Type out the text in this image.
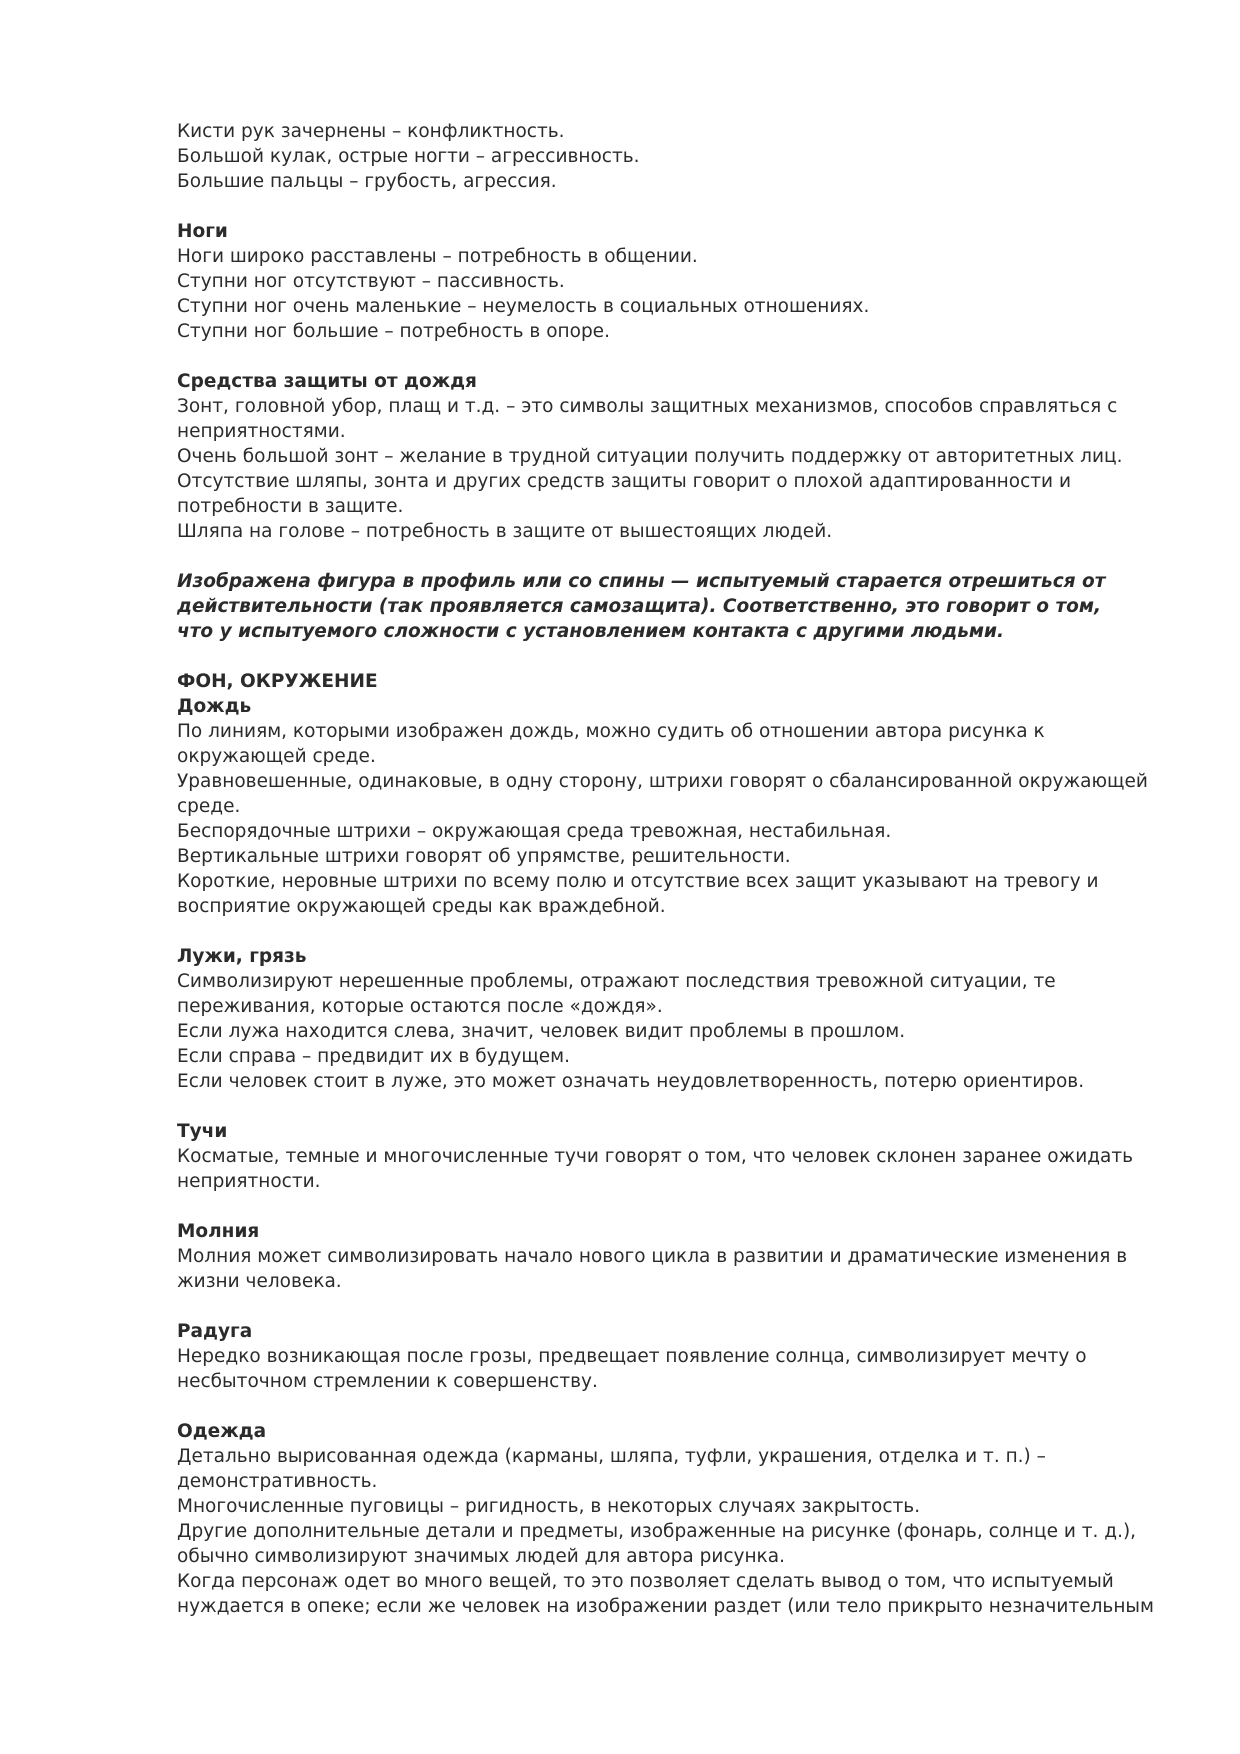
Кисти рук зачернены – конфликтность.
Большой кулак, острые ногти – агрессивность.
Большие пальцы – грубость, агрессия.
Ноги
Ноги широко расставлены – потребность в общении.
Ступни ног отсутствуют – пассивность.
Ступни ног очень маленькие – неумелость в социальных отношениях.
Ступни ног большие – потребность в опоре.
Средства защиты от дождя
Зонт, головной убор, плащ и т.д. – это символы защитных механизмов, способов справляться с
неприятностями.
Очень большой зонт – желание в трудной ситуации получить поддержку от авторитетных лиц.
Отсутствие шляпы, зонта и других средств защиты говорит о плохой адаптированности и
потребности в защите.
Шляпа на голове – потребность в защите от вышестоящих людей.
Изображена фигура в профиль или со спины — испытуемый старается отрешиться от
действительности (так проявляется самозащита). Соответственно, это говорит о том,
что у испытуемого сложности с установлением контакта с другими людьми.
ФОН, ОКРУЖЕНИЕ
Дождь
По линиям, которыми изображен дождь, можно судить об отношении автора рисунка к
окружающей среде.
Уравновешенные, одинаковые, в одну сторону, штрихи говорят о сбалансированной окружающей
среде.
Беспорядочные штрихи – окружающая среда тревожная, нестабильная.
Вертикальные штрихи говорят об упрямстве, решительности.
Короткие, неровные штрихи по всему полю и отсутствие всех защит указывают на тревогу и
восприятие окружающей среды как враждебной.
Лужи, грязь
Символизируют нерешенные проблемы, отражают последствия тревожной ситуации, те
переживания, которые остаются после «дождя».
Если лужа находится слева, значит, человек видит проблемы в прошлом.
Если справа – предвидит их в будущем.
Если человек стоит в луже, это может означать неудовлетворенность, потерю ориентиров.
Тучи
Косматые, темные и многочисленные тучи говорят о том, что человек склонен заранее ожидать
неприятности.
Молния
Молния может символизировать начало нового цикла в развитии и драматические изменения в
жизни человека.
Радуга
Нередко возникающая после грозы, предвещает появление солнца, символизирует мечту о
несбыточном стремлении к совершенству.
Одежда
Детально вырисованная одежда (карманы, шляпа, туфли, украшения, отделка и т. п.) –
демонстративность.
Многочисленные пуговицы – ригидность, в некоторых случаях закрытость.
Другие дополнительные детали и предметы, изображенные на рисунке (фонарь, солнце и т. д.),
обычно символизируют значимых людей для автора рисунка.
Когда персонаж одет во много вещей, то это позволяет сделать вывод о том, что испытуемый
нуждается в опеке; если же человек на изображении раздет (или тело прикрыто незначительным
